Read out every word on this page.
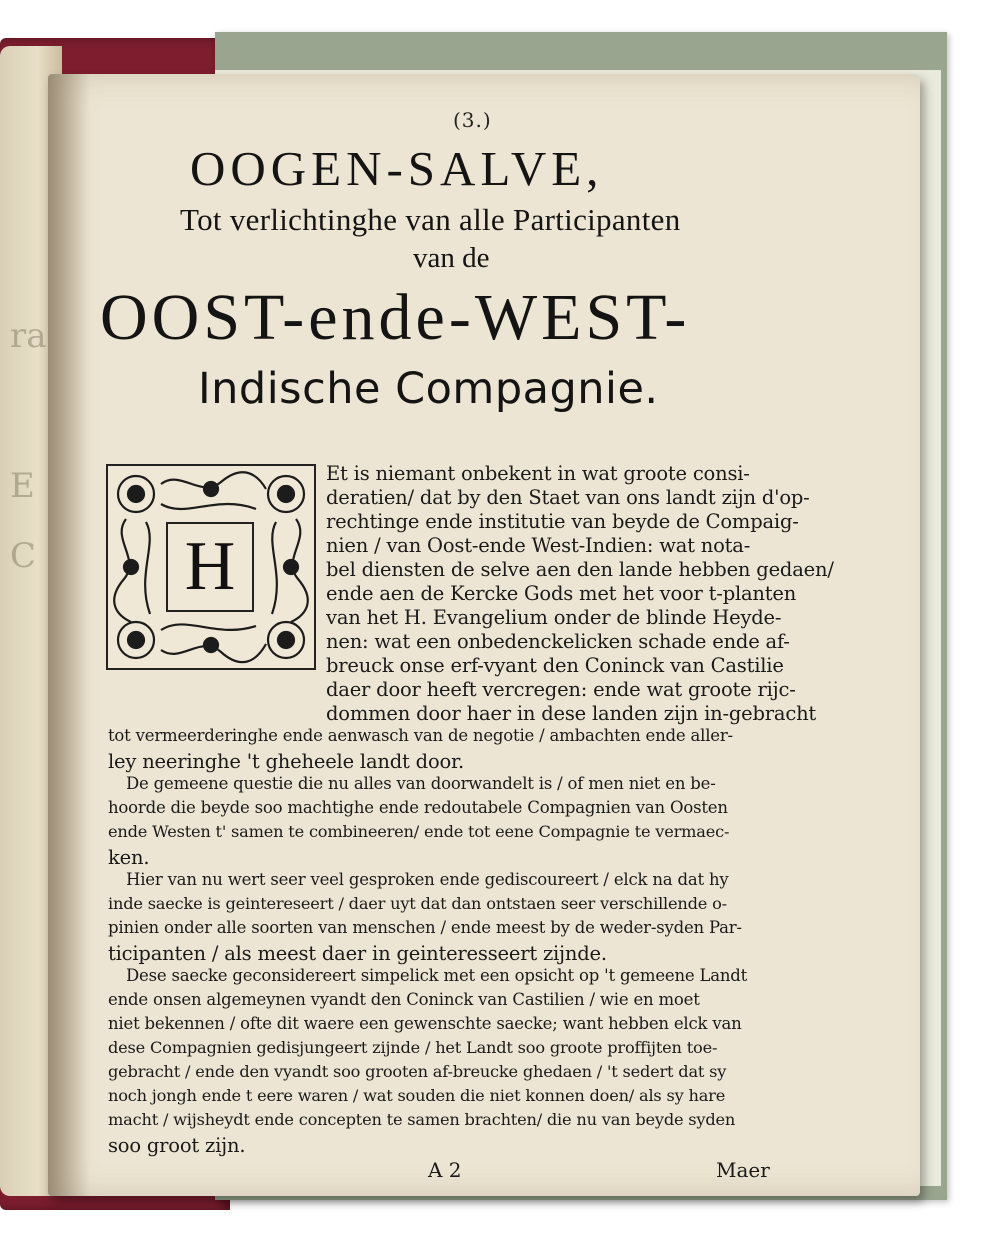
ra
E
C
(3.)
OOGEN-SALVE,
Tot verlichtinghe van alle Participanten
van de
OOST-ende-WEST-
Indische Compagnie.
H
Et is niemant onbekent in wat groote consi-
deratien/ dat by den Staet van ons landt zijn d'op-
rechtinge ende institutie van beyde de Compaig-
nien / van Oost-ende West-Indien: wat nota-
bel diensten de selve aen den lande hebben gedaen/
ende aen de Kercke Gods met het voor t-planten
van het H. Evangelium onder de blinde Heyde-
nen: wat een onbedenckelicken schade ende af-
breuck onse erf-vyant den Coninck van Castilie
daer door heeft vercregen: ende wat groote rijc-
dommen door haer in dese landen zijn in-gebracht
tot vermeerderinghe ende aenwasch van de negotie / ambachten ende aller-
ley neeringhe 't gheheele landt door.
De gemeene questie die nu alles van doorwandelt is / of men niet en be-
hoorde die beyde soo machtighe ende redoutabele Compagnien van Oosten
ende Westen t' samen te combineeren/ ende tot eene Compagnie te vermaec-
ken.
Hier van nu wert seer veel gesproken ende gediscoureert / elck na dat hy
inde saecke is geintereseert / daer uyt dat dan ontstaen seer verschillende o-
pinien onder alle soorten van menschen / ende meest by de weder-syden Par-
ticipanten / als meest daer in geinteresseert zijnde.
Dese saecke geconsidereert simpelick met een opsicht op 't gemeene Landt
ende onsen algemeynen vyandt den Coninck van Castilien / wie en moet
niet bekennen / ofte dit waere een gewenschte saecke; want hebben elck van
dese Compagnien gedisjungeert zijnde / het Landt soo groote proffijten toe-
gebracht / ende den vyandt soo grooten af-breucke ghedaen / 't sedert dat sy
noch jongh ende t eere waren / wat souden die niet konnen doen/ als sy hare
macht / wijsheydt ende concepten te samen brachten/ die nu van beyde syden
soo groot zijn.
A 2	Maer
